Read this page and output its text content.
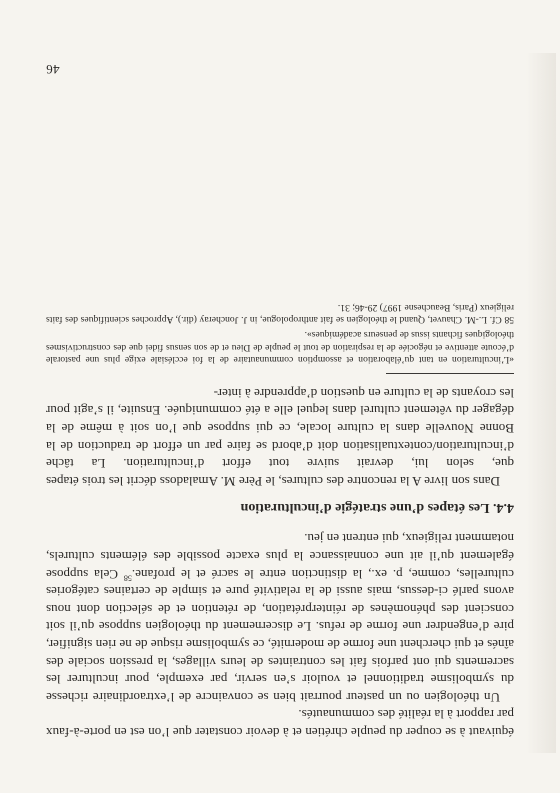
équivaut à se couper du peuple chrétien et à devoir constater que l’on est en porte-à-faux par rapport à la réalité des communautés.

Un théologien ou un pasteur pourrait bien se convaincre de l’extraordinaire richesse du symbolisme traditionnel et vouloir s’en servir, par exemple, pour inculturer les sacrements qui ont parfois fait les contraintes de leurs villages, la pression sociale des aînés et qui cherchent une forme de modernité, ce symbolisme risque de ne rien signifier, pire d’engendrer une forme de refus. Le discernement du théologien suppose qu’il soit conscient des phénomènes de réinterprétation, de rétention et de sélection dont nous avons parlé ci-dessus, mais aussi de la relativité pure et simple de certaines catégories culturelles, comme, p. ex., la distinction entre le sacré et le profane.$^{58}$ Cela suppose également qu’il ait une connaissance la plus exacte possible des éléments culturels, notamment religieux, qui entrent en jeu.

4.4. Les étapes d’une stratégie d’inculturation

Dans son livre A la rencontre des cultures, le Père M. Amaladoss décrit les trois étapes que, selon lui, devrait suivre tout effort d’inculturation. La tâche d’inculturation/contextualisation doit d’abord se faire par un effort de traduction de la Bonne Nouvelle dans la culture locale, ce qui suppose que l’on soit à même de la dégager du vêtement culturel dans lequel elle a été communiquée. Ensuite, il s’agit pour les croyants de la culture en question d’apprendre à inter-

«L’inculturation en tant qu’élaboration et assomption communautaire de la foi ecclésiale exige plus une pastorale d’écoute attentive et négociée de la respiration de tout le peuple de Dieu et de son sensus fidei que des constructivismes théologiques fichants issus de penseurs académiques».

58 Cf. L.-M. Chauvet, Quand le théologien se fait anthropologue, in J. Joncheray (dir.), Approches scientifiques des faits religieux (Paris, Beauchesne 1997) 29-46; 31.

46
